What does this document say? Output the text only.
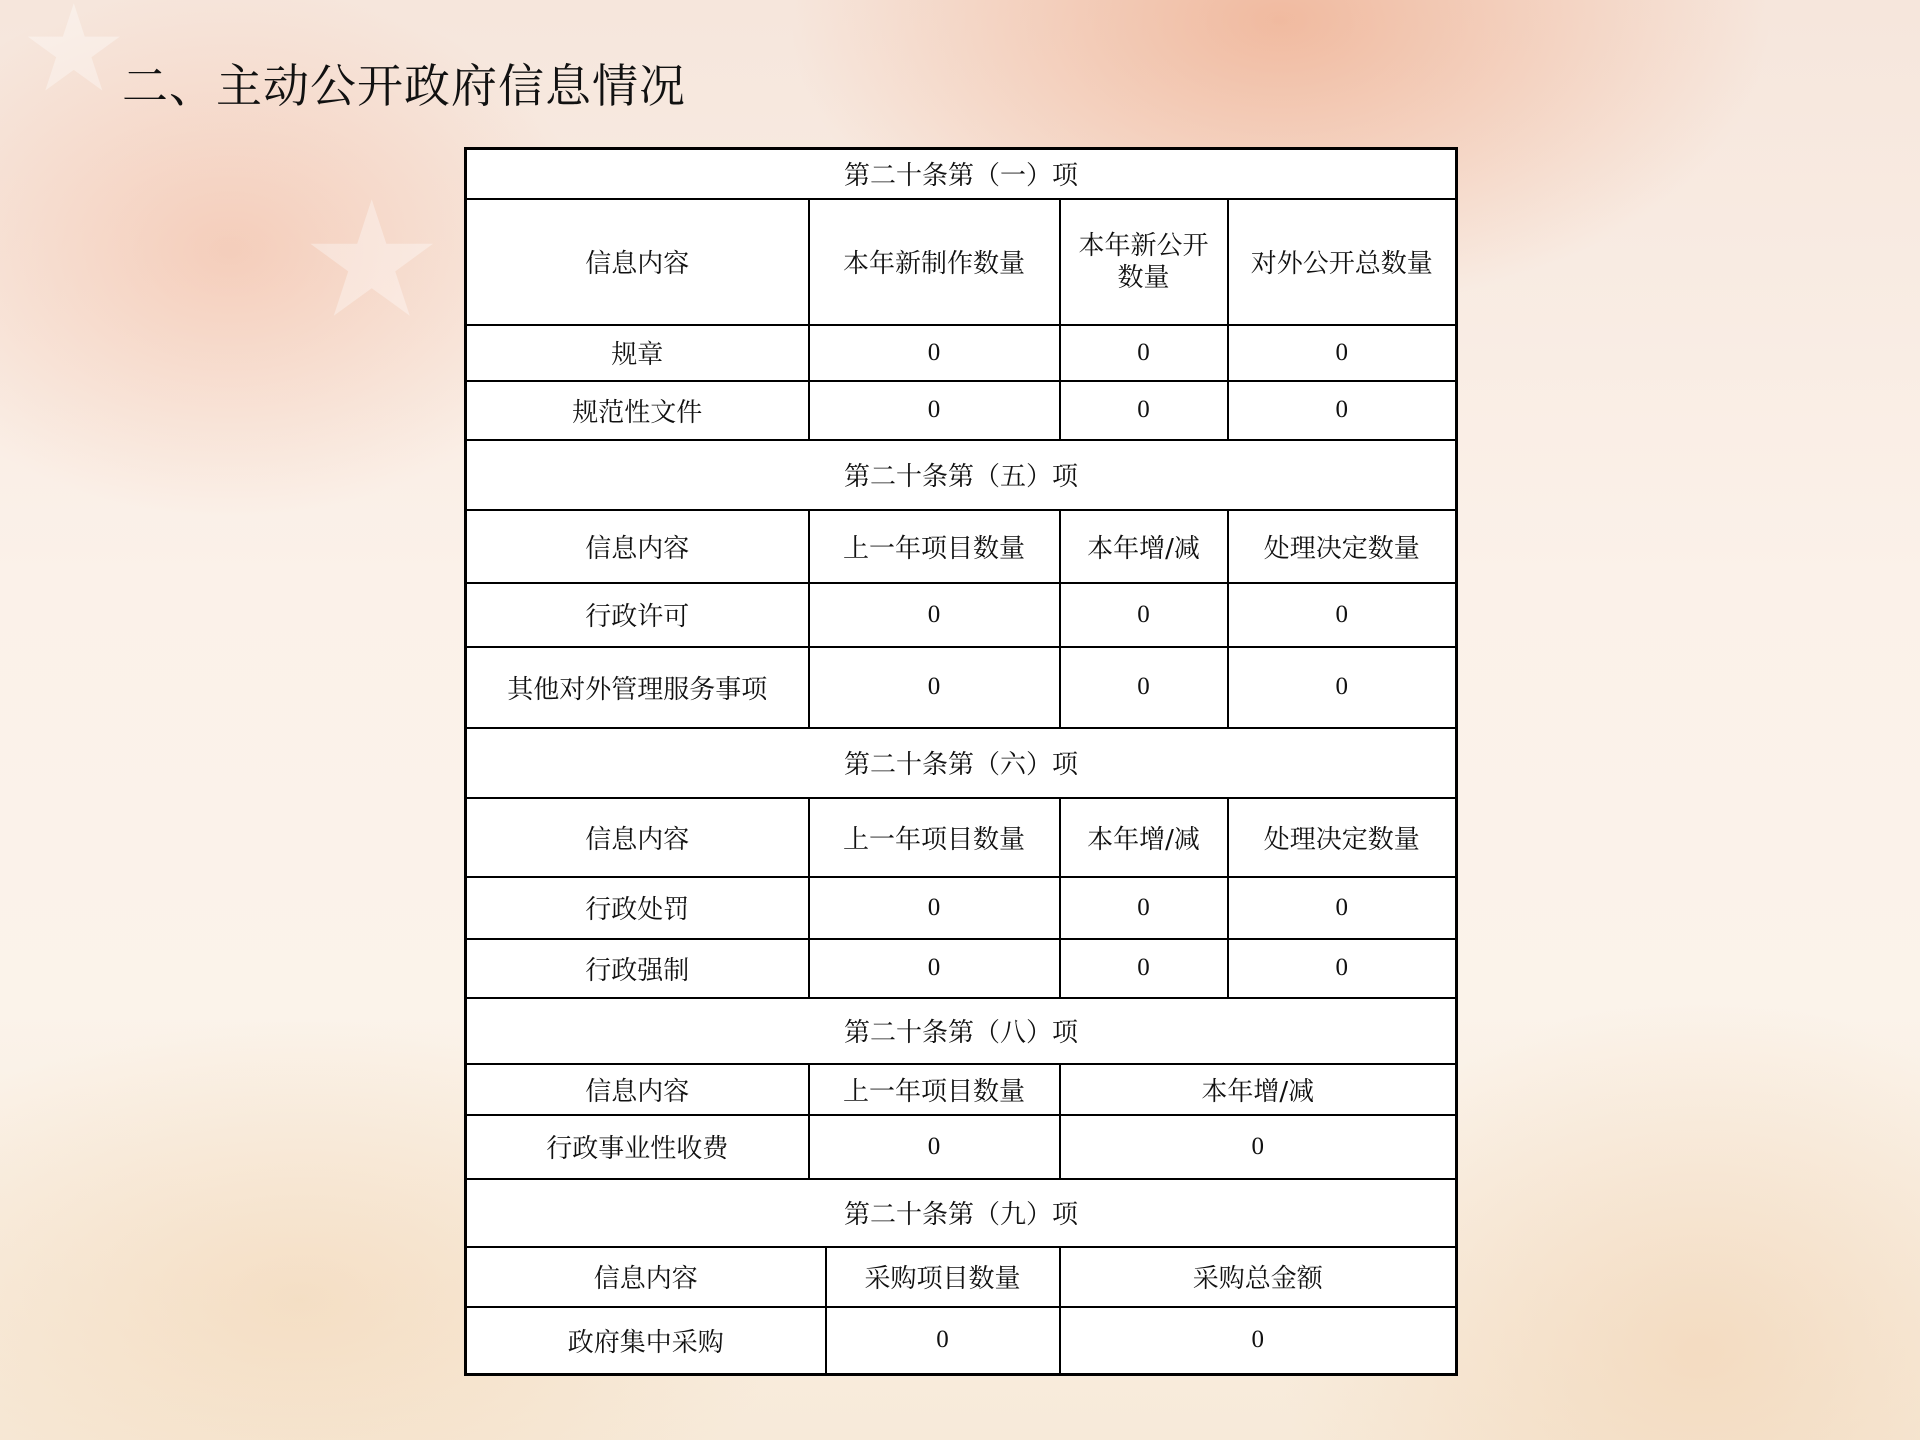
★
★
二、主动公开政府信息情况
第二十条第（一）项				
信息内容	本年新制作数量		本年新公开数量	对外公开总数量
规章	0		0	0
规范性文件	0		0	0
第二十条第（五）项				
信息内容	上一年项目数量		本年增/减	处理决定数量
行政许可	0		0	0
其他对外管理服务事项	0		0	0
第二十条第（六）项				
信息内容	上一年项目数量		本年增/减	处理决定数量
行政处罚	0		0	0
行政强制	0		0	0
第二十条第（八）项				
信息内容	上一年项目数量		本年增/减	
行政事业性收费	0		0	
第二十条第（九）项				
信息内容		采购项目数量	采购总金额	
政府集中采购		0	0	
